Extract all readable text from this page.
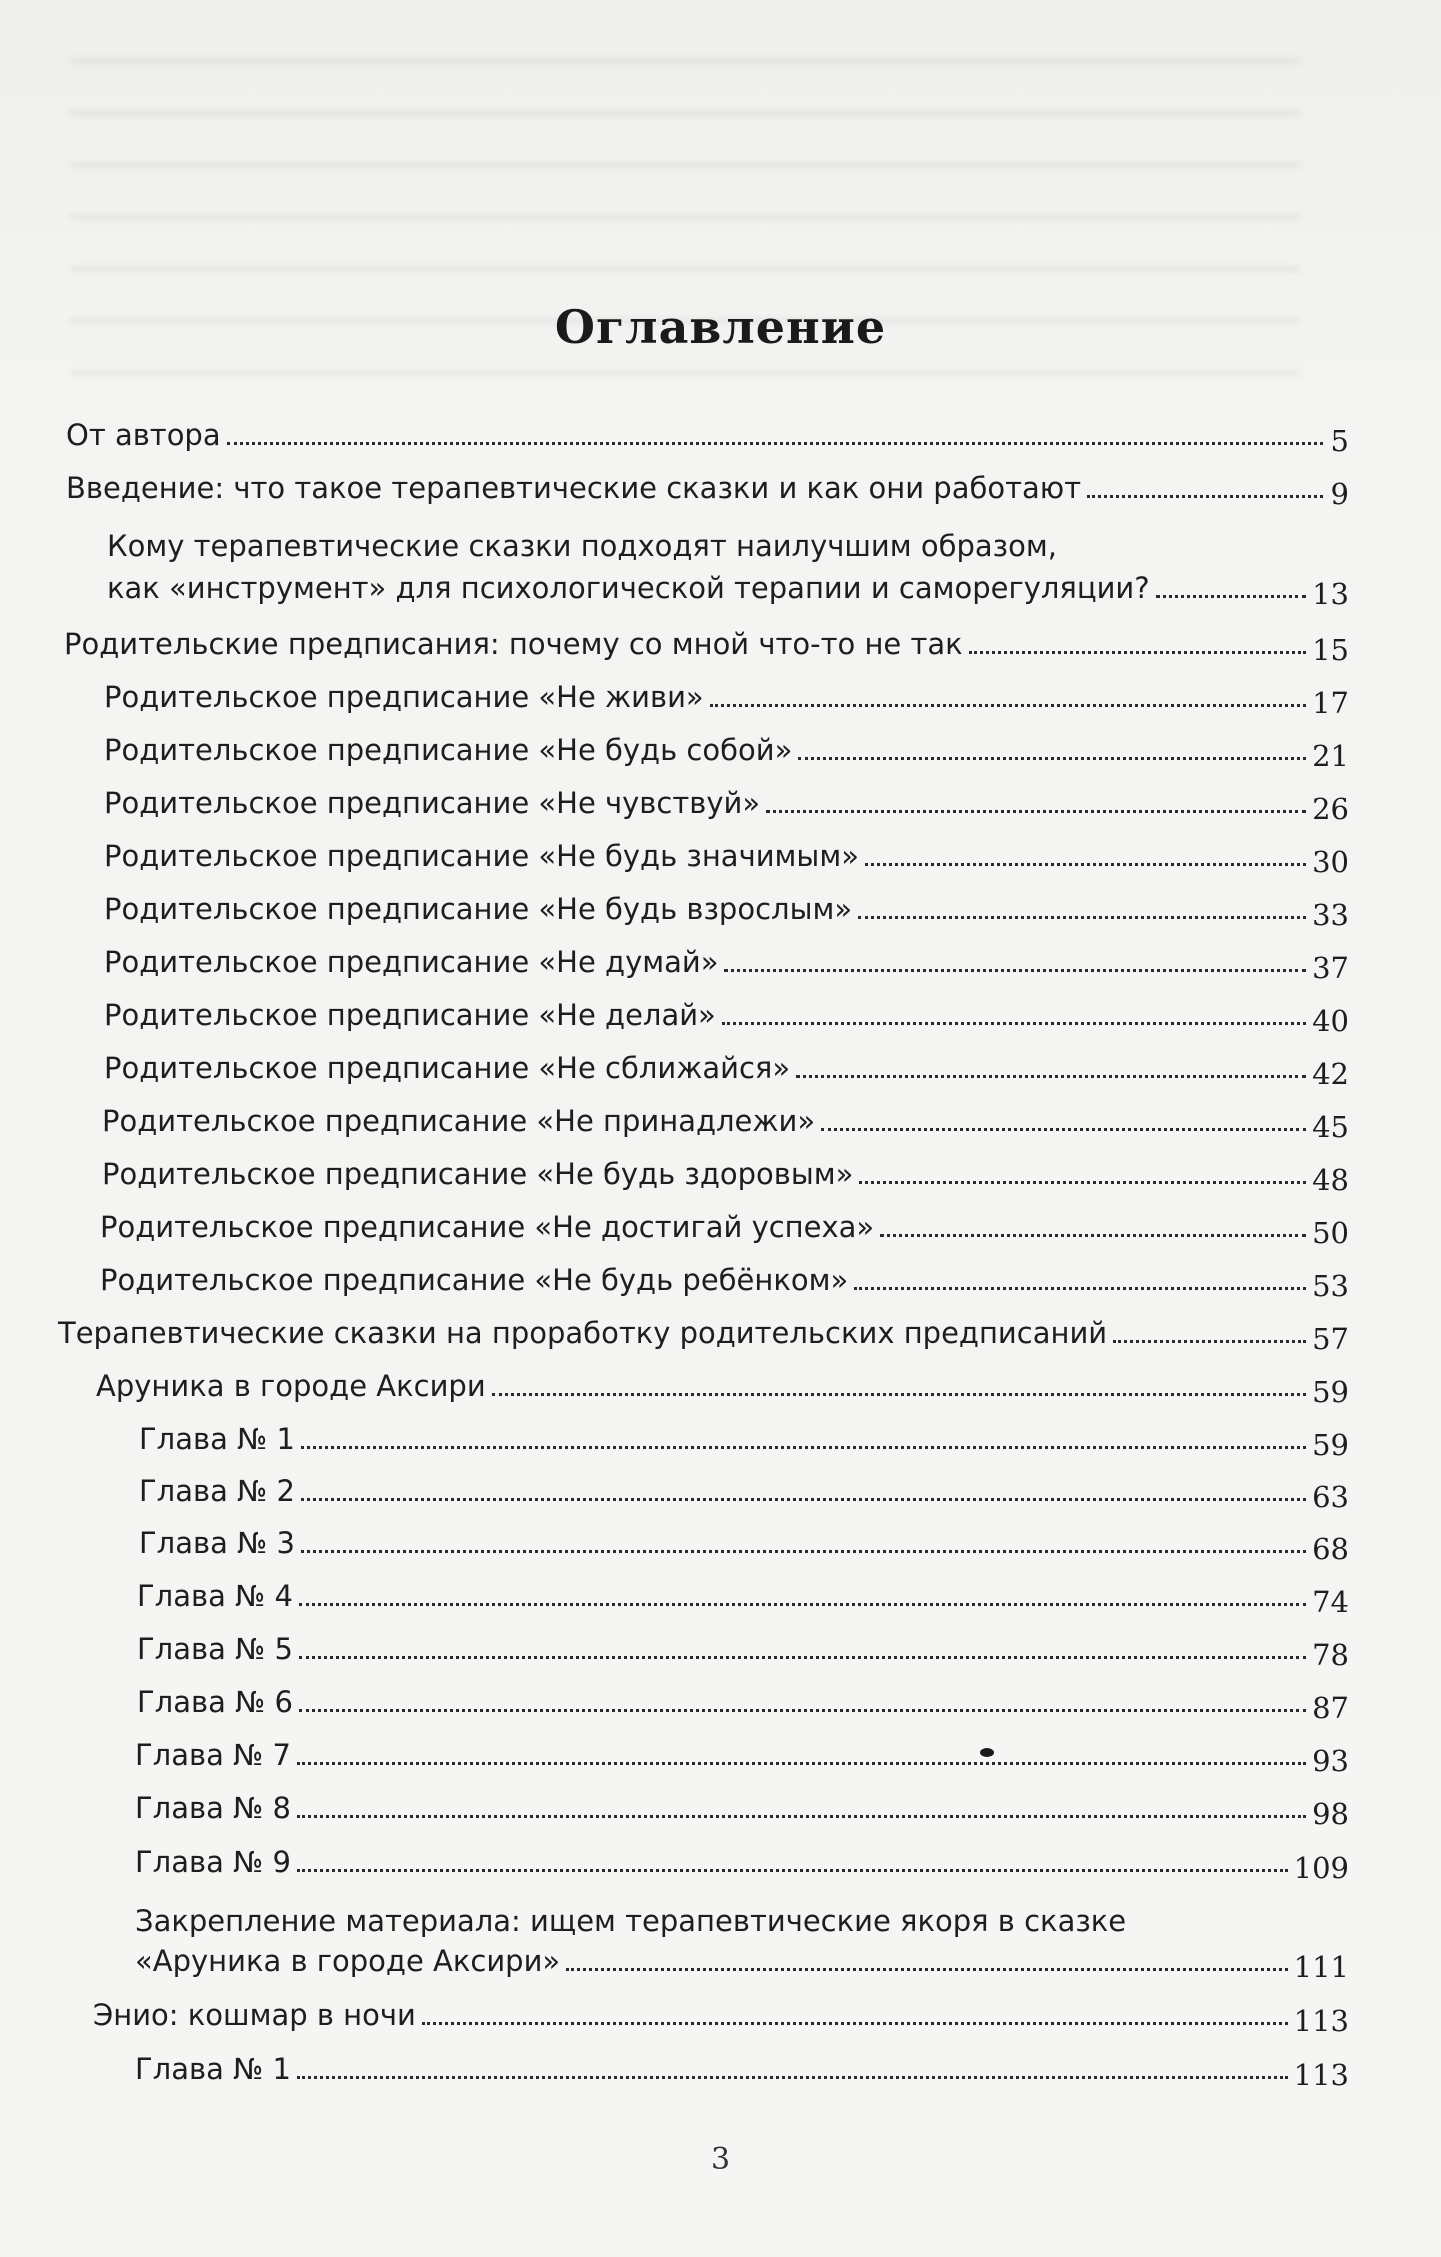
Оглавление
От автора	5
Введение: что такое терапевтические сказки и как они работают	9
Кому терапевтические сказки подходят наилучшим образом,
как «инструмент» для психологической терапии и саморегуляции?	13
Родительские предписания: почему со мной что-то не так	15
Родительское предписание «Не живи»	17
Родительское предписание «Не будь собой»	21
Родительское предписание «Не чувствуй»	26
Родительское предписание «Не будь значимым»	30
Родительское предписание «Не будь взрослым»	33
Родительское предписание «Не думай»	37
Родительское предписание «Не делай»	40
Родительское предписание «Не сближайся»	42
Родительское предписание «Не принадлежи»	45
Родительское предписание «Не будь здоровым»	48
Родительское предписание «Не достигай успеха»	50
Родительское предписание «Не будь ребёнком»	53
Терапевтические сказки на проработку родительских предписаний	57
Аруника в городе Аксири	59
Глава № 1	59
Глава № 2	63
Глава № 3	68
Глава № 4	74
Глава № 5	78
Глава № 6	87
Глава № 7	93
Глава № 8	98
Глава № 9	109
Закрепление материала: ищем терапевтические якоря в сказке
«Аруника в городе Аксири»	111
Энио: кошмар в ночи	113
Глава № 1	113
3
